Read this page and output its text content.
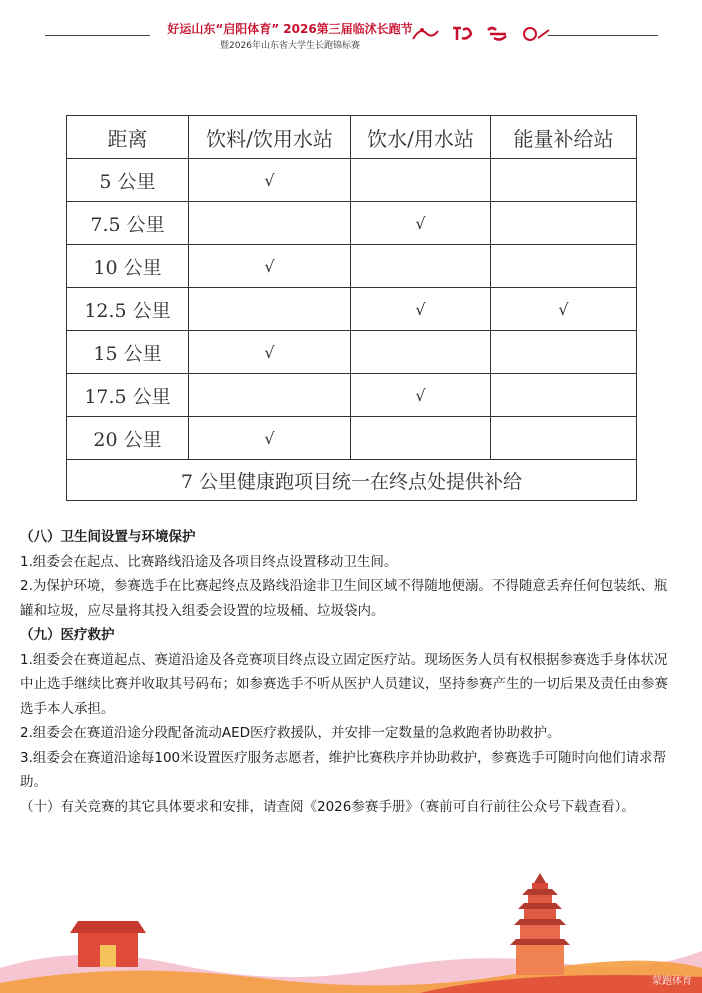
好运山东“启阳体育” 2026第三届临沭长跑节
暨2026年山东省大学生长跑锦标赛
距离	饮料/饮用水站	饮水/用水站	能量补给站
5 公里	√		
7.5 公里		√	
10 公里	√		
12.5 公里		√	√
15 公里	√		
17.5 公里		√	
20 公里	√		
7 公里健康跑项目统一在终点处提供补给			

（八）卫生间设置与环境保护

1.组委会在起点、比赛路线沿途及各项目终点设置移动卫生间。

2.为保护环境，参赛选手在比赛起终点及路线沿途非卫生间区域不得随地便溺。不得随意丢弃任何包装纸、瓶罐和垃圾，应尽量将其投入组委会设置的垃圾桶、垃圾袋内。

（九）医疗救护

1.组委会在赛道起点、赛道沿途及各竞赛项目终点设立固定医疗站。现场医务人员有权根据参赛选手身体状况中止选手继续比赛并收取其号码布；如参赛选手不听从医护人员建议，坚持参赛产生的一切后果及责任由参赛选手本人承担。

2.组委会在赛道沿途分段配备流动AED医疗救援队，并安排一定数量的急救跑者协助救护。

3.组委会在赛道沿途每100米设置医疗服务志愿者，维护比赛秩序并协助救护，参赛选手可随时向他们请求帮助。

（十）有关竞赛的其它具体要求和安排，请查阅《2026参赛手册》（赛前可自行前往公众号下载查看）。

蒙跑体育
